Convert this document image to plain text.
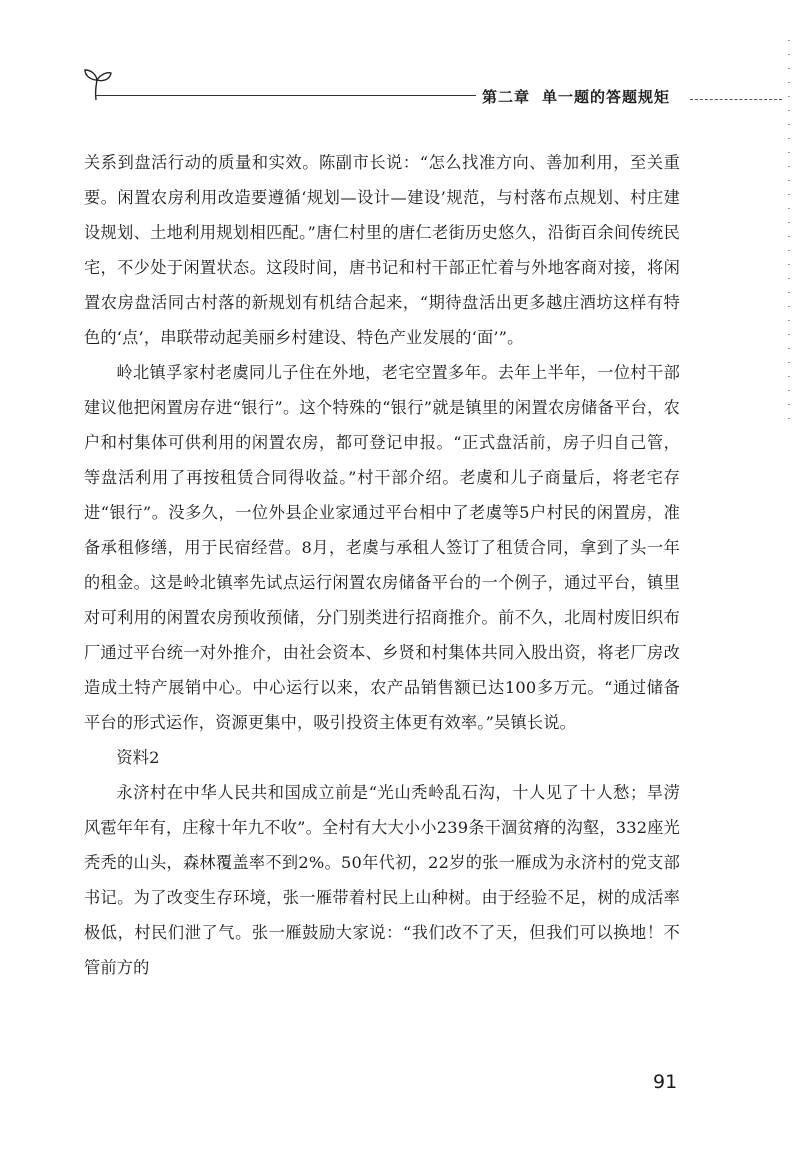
第二章 单一题的答题规矩

关系到盘活行动的质量和实效。陈副市长说：“怎么找准方向、善加利用，至关重要。闲置农房利用改造要遵循‘规划—设计—建设’规范，与村落布点规划、村庄建设规划、土地利用规划相匹配。”唐仁村里的唐仁老街历史悠久，沿街百余间传统民宅，不少处于闲置状态。这段时间，唐书记和村干部正忙着与外地客商对接，将闲置农房盘活同古村落的新规划有机结合起来，“期待盘活出更多越庄酒坊这样有特色的‘点’，串联带动起美丽乡村建设、特色产业发展的‘面’”。

岭北镇孚家村老虞同儿子住在外地，老宅空置多年。去年上半年，一位村干部建议他把闲置房存进“银行”。这个特殊的“银行”就是镇里的闲置农房储备平台，农户和村集体可供利用的闲置农房，都可登记申报。“正式盘活前，房子归自己管，等盘活利用了再按租赁合同得收益。”村干部介绍。老虞和儿子商量后，将老宅存进“银行”。没多久，一位外县企业家通过平台相中了老虞等5户村民的闲置房，准备承租修缮，用于民宿经营。8月，老虞与承租人签订了租赁合同，拿到了头一年的租金。这是岭北镇率先试点运行闲置农房储备平台的一个例子，通过平台，镇里对可利用的闲置农房预收预储，分门别类进行招商推介。前不久，北周村废旧织布厂通过平台统一对外推介，由社会资本、乡贤和村集体共同入股出资，将老厂房改造成土特产展销中心。中心运行以来，农产品销售额已达100多万元。“通过储备平台的形式运作，资源更集中，吸引投资主体更有效率。”吴镇长说。

资料2

永济村在中华人民共和国成立前是“光山秃岭乱石沟，十人见了十人愁；旱涝风雹年年有，庄稼十年九不收”。全村有大大小小239条干涸贫瘠的沟壑，332座光秃秃的山头，森林覆盖率不到2%。50年代初，22岁的张一雁成为永济村的党支部书记。为了改变生存环境，张一雁带着村民上山种树。由于经验不足，树的成活率极低，村民们泄了气。张一雁鼓励大家说：“我们改不了天，但我们可以换地！不管前方的

91
